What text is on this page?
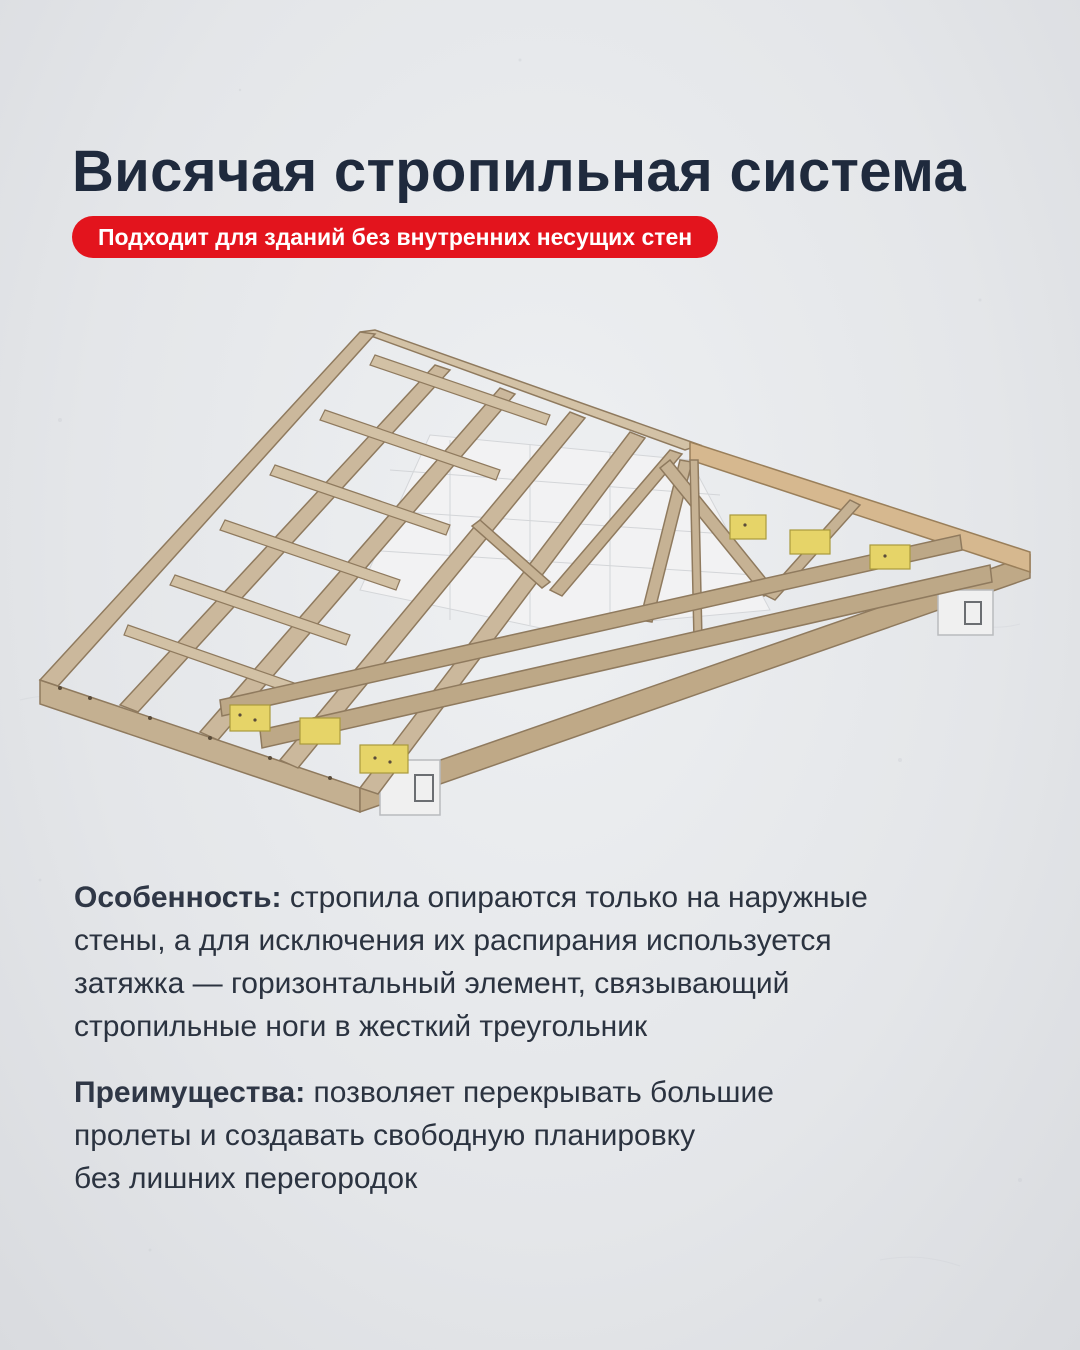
Висячая стропильная система
Подходит для зданий без внутренних несущих стен

Особенность: стропила опираются только на наружные
стены, а для исключения их распирания используется
затяжка — горизонтальный элемент, связывающий
стропильные ноги в жесткий треугольник

Преимущества: позволяет перекрывать большие
пролеты и создавать свободную планировку
без лишних перегородок
